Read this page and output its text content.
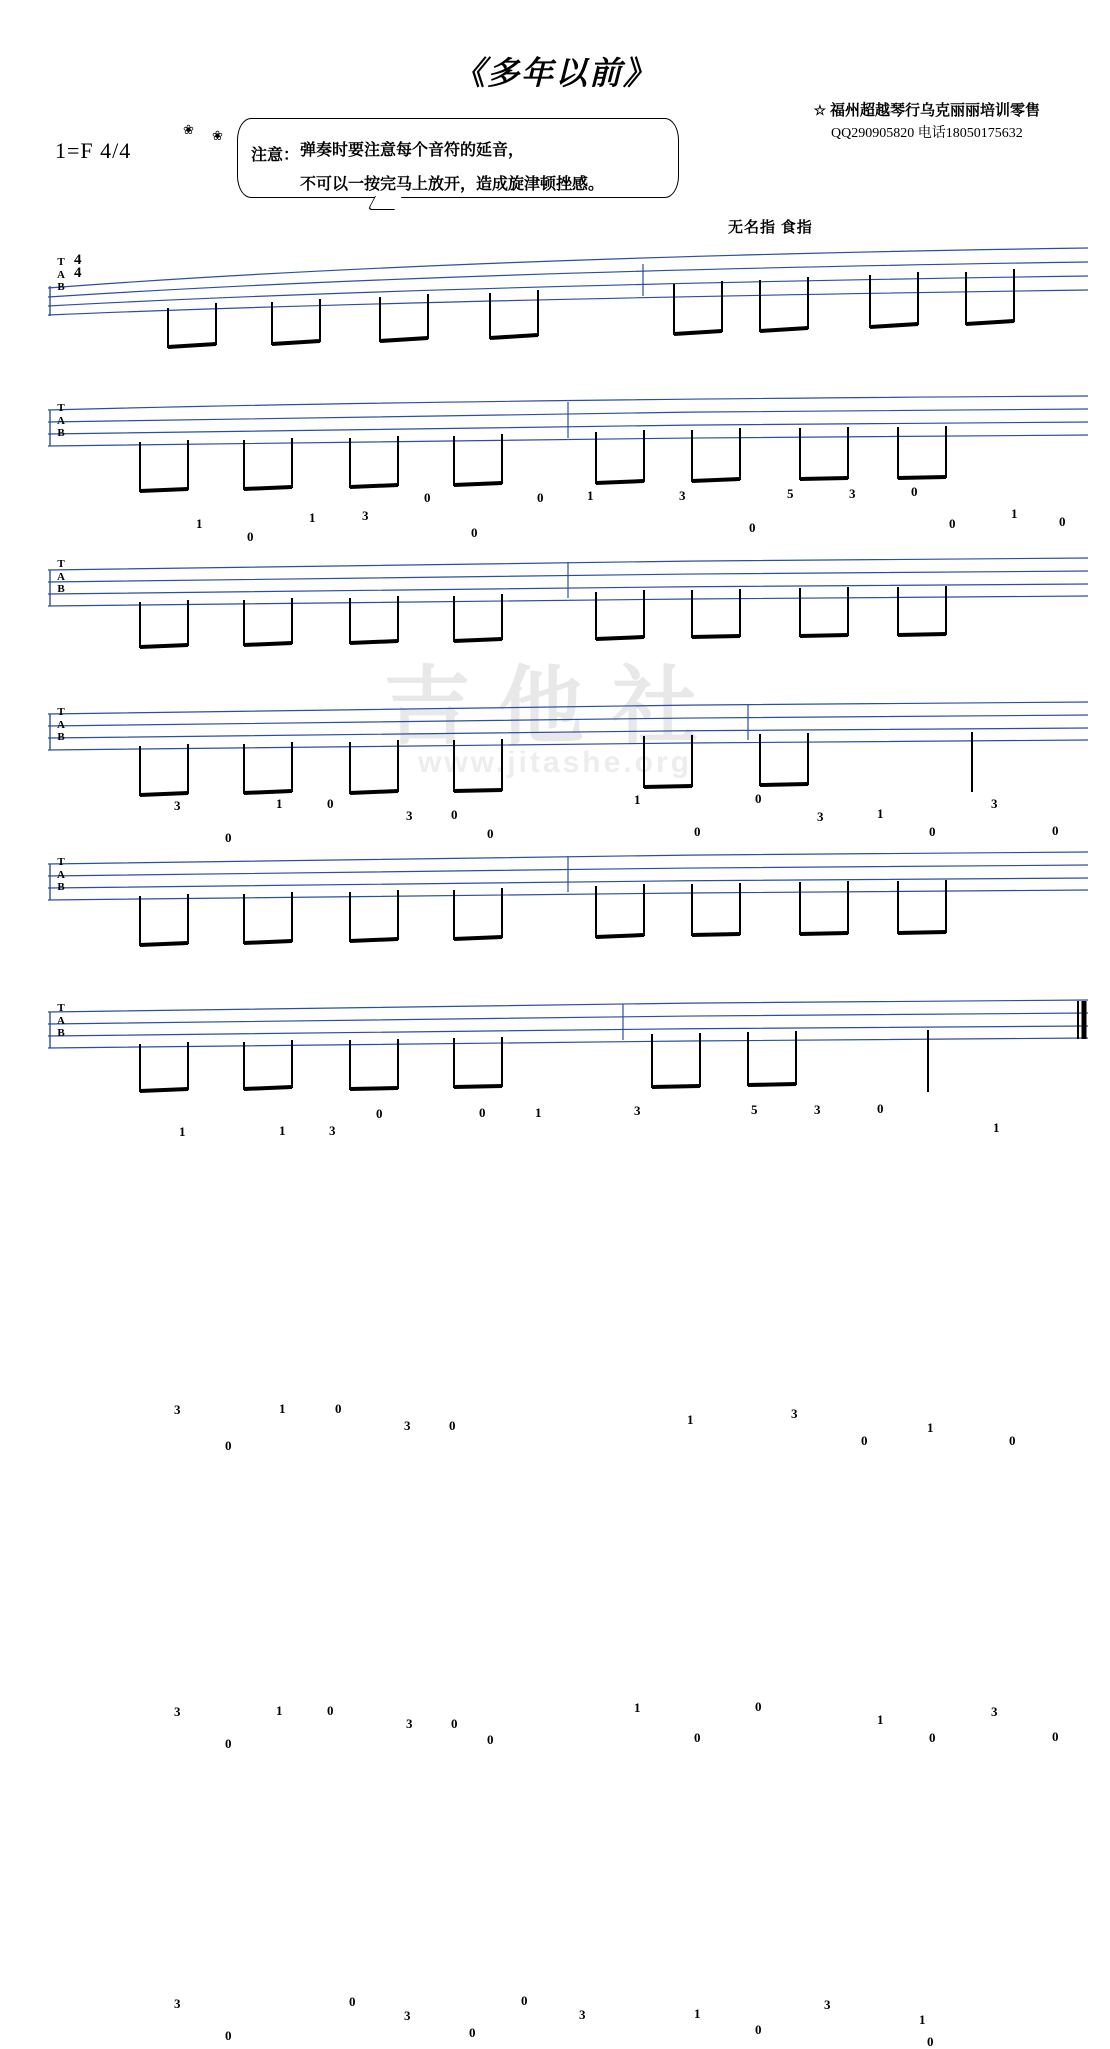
《多年以前》
☆ 福州超越琴行乌克丽丽培训零售
QQ290905820 电话18050175632
1=F 4/4
❀ ❀
注意： 弹奏时要注意每个音符的延音，
不可以一按完马上放开，造成旋津顿挫感。
无名指 食指
吉他社
www.jitashe.org
T
A
B
4
4
0	0	1	3	5	3	0
1	1	3	1
0	0	0	0	0
T
A
B
3	1	0	1	0
3
3
3	0	1
0	0	0	0	0
T
A
B
0	0	1	3	5	3	0
1	1	3	1
T
A
B
3	1	0	3
3	0	1
0	0
1
0
T
A
B
3	1	0	1	0	3
3	0	1
0	0	0	0	0
T
A
B
3	0	0	3
3	3	1
0	0	0
1
0
